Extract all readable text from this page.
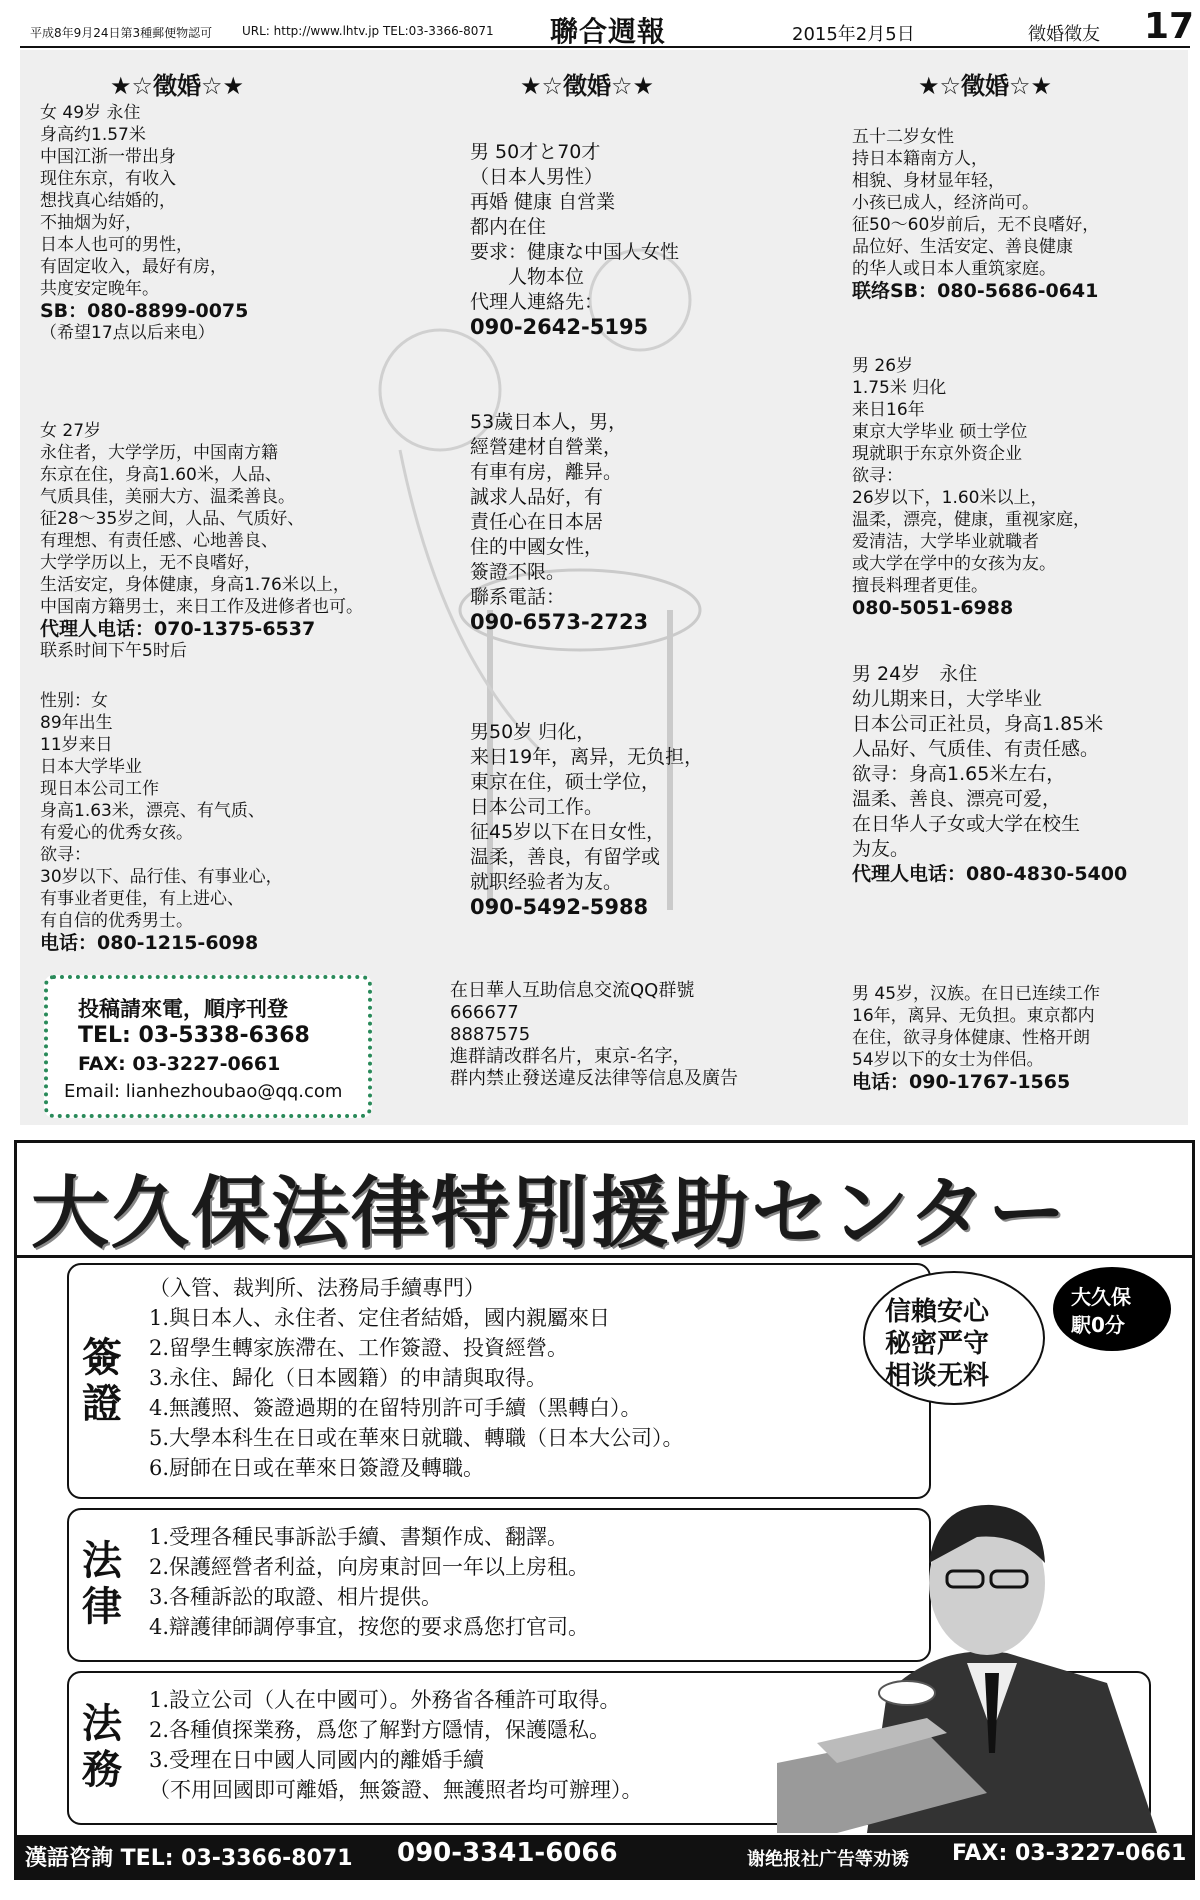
平成8年9月24日第3種郵便物認可 URL: http://www.lhtv.jp TEL:03-3366-8071 聯合週報	2015年2月5日	徵婚徵友 17
★☆徵婚☆★
女 49岁 永住
身高约1.57米
中国江浙一带出身
现住东京，有收入
想找真心结婚的，
不抽烟为好，
日本人也可的男性，
有固定收入，最好有房，
共度安定晚年。
SB：080-8899-0075
（希望17点以后来电）
女 27岁
永住者，大学学历，中国南方籍
东京在住，身高1.60米，人品、
气质具佳，美丽大方、温柔善良。
征28～35岁之间，人品、气质好、
有理想、有责任感、心地善良、
大学学历以上，无不良嗜好，
生活安定，身体健康，身高1.76米以上，
中国南方籍男士，来日工作及进修者也可。
代理人电话：070-1375-6537
联系时间下午5时后
性别：女
89年出生
11岁来日
日本大学毕业
现日本公司工作
身高1.63米，漂亮、有气质、
有爱心的优秀女孩。
欲寻：
30岁以下、品行佳、有事业心，
有事业者更佳，有上进心、
有自信的优秀男士。
电话：080-1215-6098
★☆徵婚☆★
男 50才と70才
（日本人男性）
再婚 健康 自営業
都内在住
要求：健康な中国人女性
　　人物本位
代理人連絡先：
090-2642-5195
53歲日本人，男，
經營建材自營業，
有車有房，離异。
誠求人品好，有
責任心在日本居
住的中國女性，
簽證不限。
聯系電話：
090-6573-2723
男50岁 归化，
来日19年，离异，无负担，
東京在住，硕士学位，
日本公司工作。
征45岁以下在日女性，
温柔，善良，有留学或
就职经验者为友。
090-5492-5988
★☆徵婚☆★
五十二岁女性
持日本籍南方人，
相貌、身材显年轻，
小孩已成人，经济尚可。
征50～60岁前后，无不良嗜好，
品位好、生活安定、善良健康
的华人或日本人重筑家庭。
联络SB：080-5686-0641
男 26岁
1.75米 归化
来日16年
東京大学毕业 硕士学位
現就职于东京外资企业
欲寻：
26岁以下，1.60米以上，
温柔，漂亮，健康，重视家庭，
爱清洁，大学毕业就職者
或大学在学中的女孩为友。
擅長料理者更佳。
080-5051-6988
男 24岁　永住
幼儿期来日，大学毕业
日本公司正社员，身高1.85米
人品好、气质佳、有责任感。
欲寻：身高1.65米左右，
温柔、善良、漂亮可爱，
在日华人子女或大学在校生
为友。
代理人电话：080-4830-5400
男 45岁，汉族。在日已连续工作
16年，离异、无负担。東京都内
在住，欲寻身体健康、性格开朗
54岁以下的女士为伴侣。
电话：090-1767-1565
投稿請來電，順序刊登
TEL: 03-5338-6368
FAX: 03-3227-0661
Email: lianhezhoubao@qq.com
在日華人互助信息交流QQ群號
666677
8887575
進群請改群名片，東京-名字，
群内禁止發送違反法律等信息及廣告
大久保法律特別援助センター
簽證
（入管、裁判所、法務局手續專門）
1.與日本人、永住者、定住者結婚，國内親屬來日
2.留學生轉家族滯在、工作簽證、投資經營。
3.永住、歸化（日本國籍）的申請與取得。
4.無護照、簽證過期的在留特別許可手續（黑轉白）。
5.大學本科生在日或在華來日就職、轉職（日本大公司）。
6.厨師在日或在華來日簽證及轉職。
法律
1.受理各種民事訴訟手續、書類作成、翻譯。
2.保護經營者利益，向房東討回一年以上房租。
3.各種訴訟的取證、相片提供。
4.辯護律師調停事宜，按您的要求爲您打官司。
法務
1.設立公司（人在中國可）。外務省各種許可取得。
2.各種偵探業務，爲您了解對方隱情，保護隱私。
3.受理在日中國人同國内的離婚手續
（不用回國即可離婚，無簽證、無護照者均可辦理）。
信賴安心
秘密严守
相谈无料
大久保
駅0分
漢語咨詢 TEL: 03-3366-8071 090-3341-6066	谢绝报社广告等劝诱 FAX: 03-3227-0661
